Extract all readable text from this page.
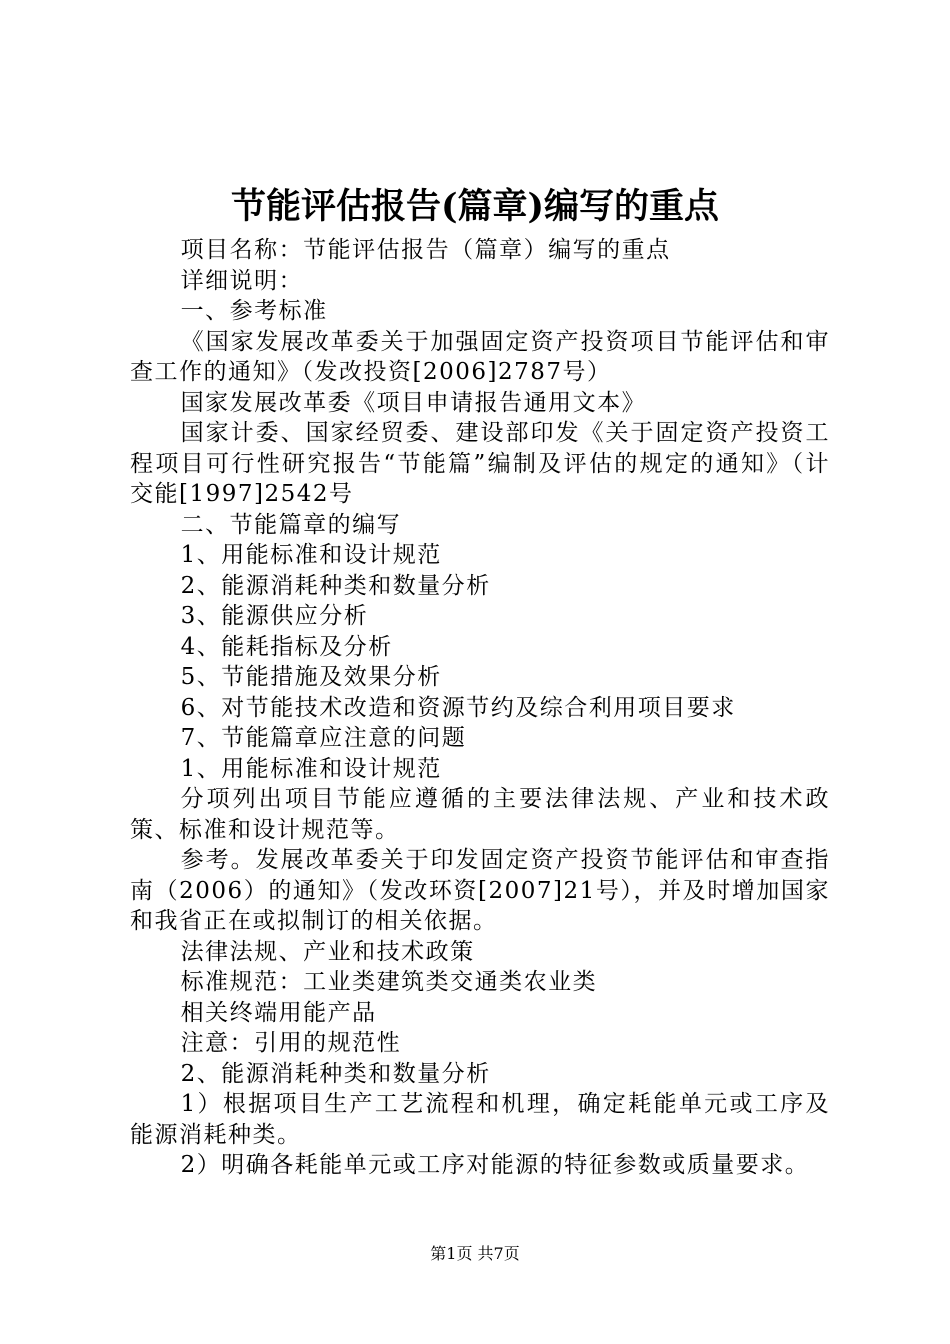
节能评估报告(篇章)编写的重点

项目名称：节能评估报告（篇章）编写的重点

详细说明：

一、参考标准

《国家发展改革委关于加强固定资产投资项目节能评估和审查工作的通知》（发改投资[2006]2787号）

国家发展改革委《项目申请报告通用文本》

国家计委、国家经贸委、建设部印发《关于固定资产投资工程项目可行性研究报告“节能篇”编制及评估的规定的通知》（计交能[1997]2542号

二、节能篇章的编写

1、用能标准和设计规范

2、能源消耗种类和数量分析

3、能源供应分析

4、能耗指标及分析

5、节能措施及效果分析

6、对节能技术改造和资源节约及综合利用项目要求

7、节能篇章应注意的问题

1、用能标准和设计规范

分项列出项目节能应遵循的主要法律法规、产业和技术政策、标准和设计规范等。

参考。发展改革委关于印发固定资产投资节能评估和审查指南（2006）的通知》（发改环资[2007]21号），并及时增加国家和我省正在或拟制订的相关依据。

法律法规、产业和技术政策

标准规范：工业类建筑类交通类农业类

相关终端用能产品

注意：引用的规范性

2、能源消耗种类和数量分析

1）根据项目生产工艺流程和机理，确定耗能单元或工序及能源消耗种类。

2）明确各耗能单元或工序对能源的特征参数或质量要求。

第1页 共7页
